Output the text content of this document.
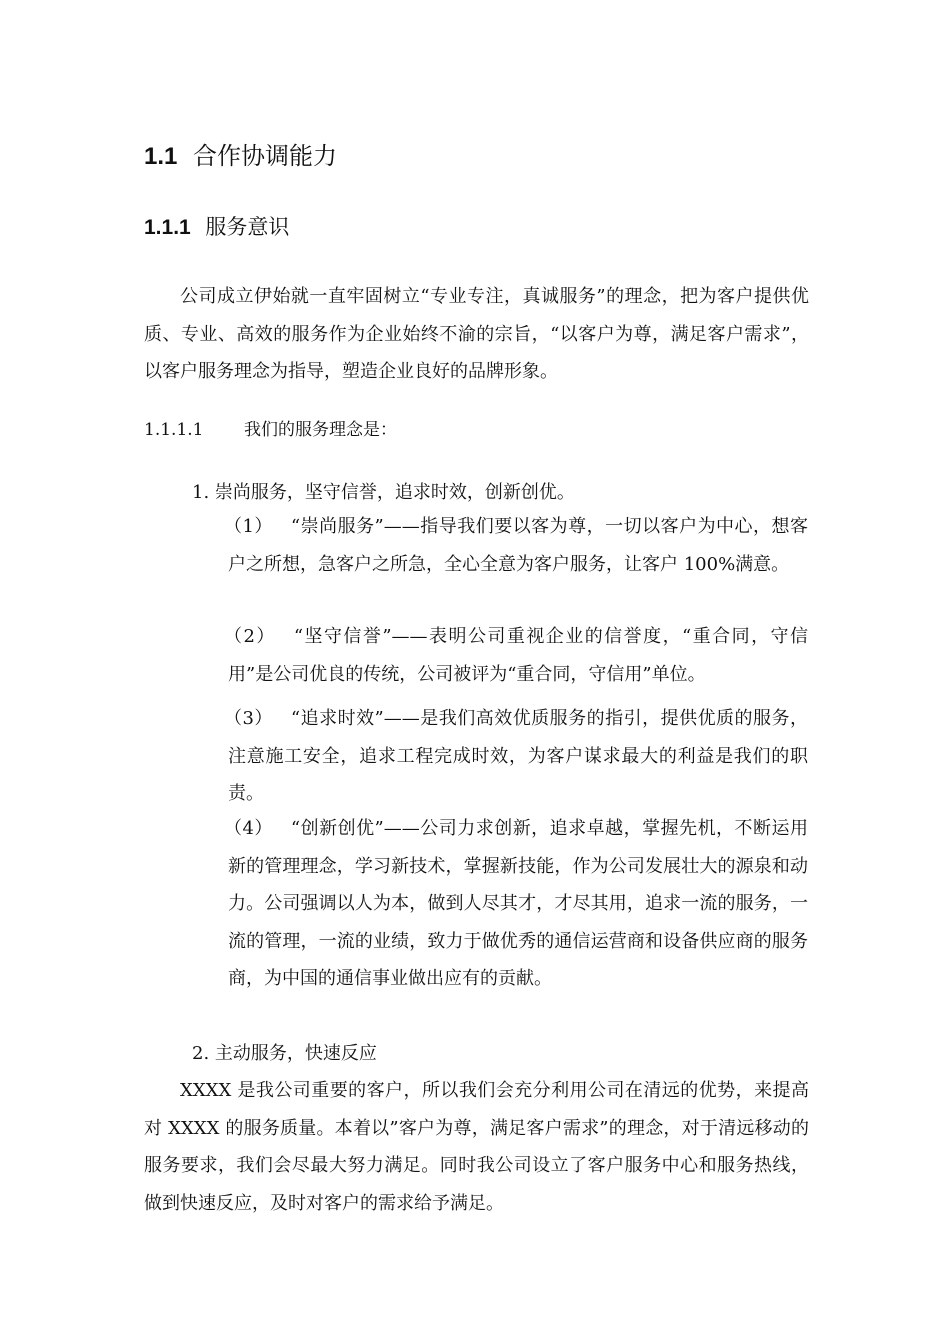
1.1 合作协调能力
1.1.1 服务意识

公司成立伊始就一直牢固树立“专业专注，真诚服务”的理念，把为客户提供优质、专业、高效的服务作为企业始终不渝的宗旨，“以客户为尊，满足客户需求”，以客户服务理念为指导，塑造企业良好的品牌形象。

1.1.1.1 我们的服务理念是：
1. 崇尚服务，坚守信誉，追求时效，创新创优。

（1） “崇尚服务”——指导我们要以客为尊，一切以客户为中心，想客户之所想，急客户之所急，全心全意为客户服务，让客户 100%满意。

（2） “坚守信誉”——表明公司重视企业的信誉度，“重合同，守信用”是公司优良的传统，公司被评为“重合同，守信用”单位。

（3） “追求时效”——是我们高效优质服务的指引，提供优质的服务，注意施工安全，追求工程完成时效，为客户谋求最大的利益是我们的职责。

（4） “创新创优”——公司力求创新，追求卓越，掌握先机，不断运用新的管理理念，学习新技术，掌握新技能，作为公司发展壮大的源泉和动力。公司强调以人为本，做到人尽其才，才尽其用，追求一流的服务，一流的管理，一流的业绩，致力于做优秀的通信运营商和设备供应商的服务商，为中国的通信事业做出应有的贡献。

2. 主动服务，快速反应

XXXX 是我公司重要的客户，所以我们会充分利用公司在清远的优势，来提高对 XXXX 的服务质量。本着以”客户为尊，满足客户需求”的理念，对于清远移动的服务要求，我们会尽最大努力满足。同时我公司设立了客户服务中心和服务热线，做到快速反应，及时对客户的需求给予满足。
